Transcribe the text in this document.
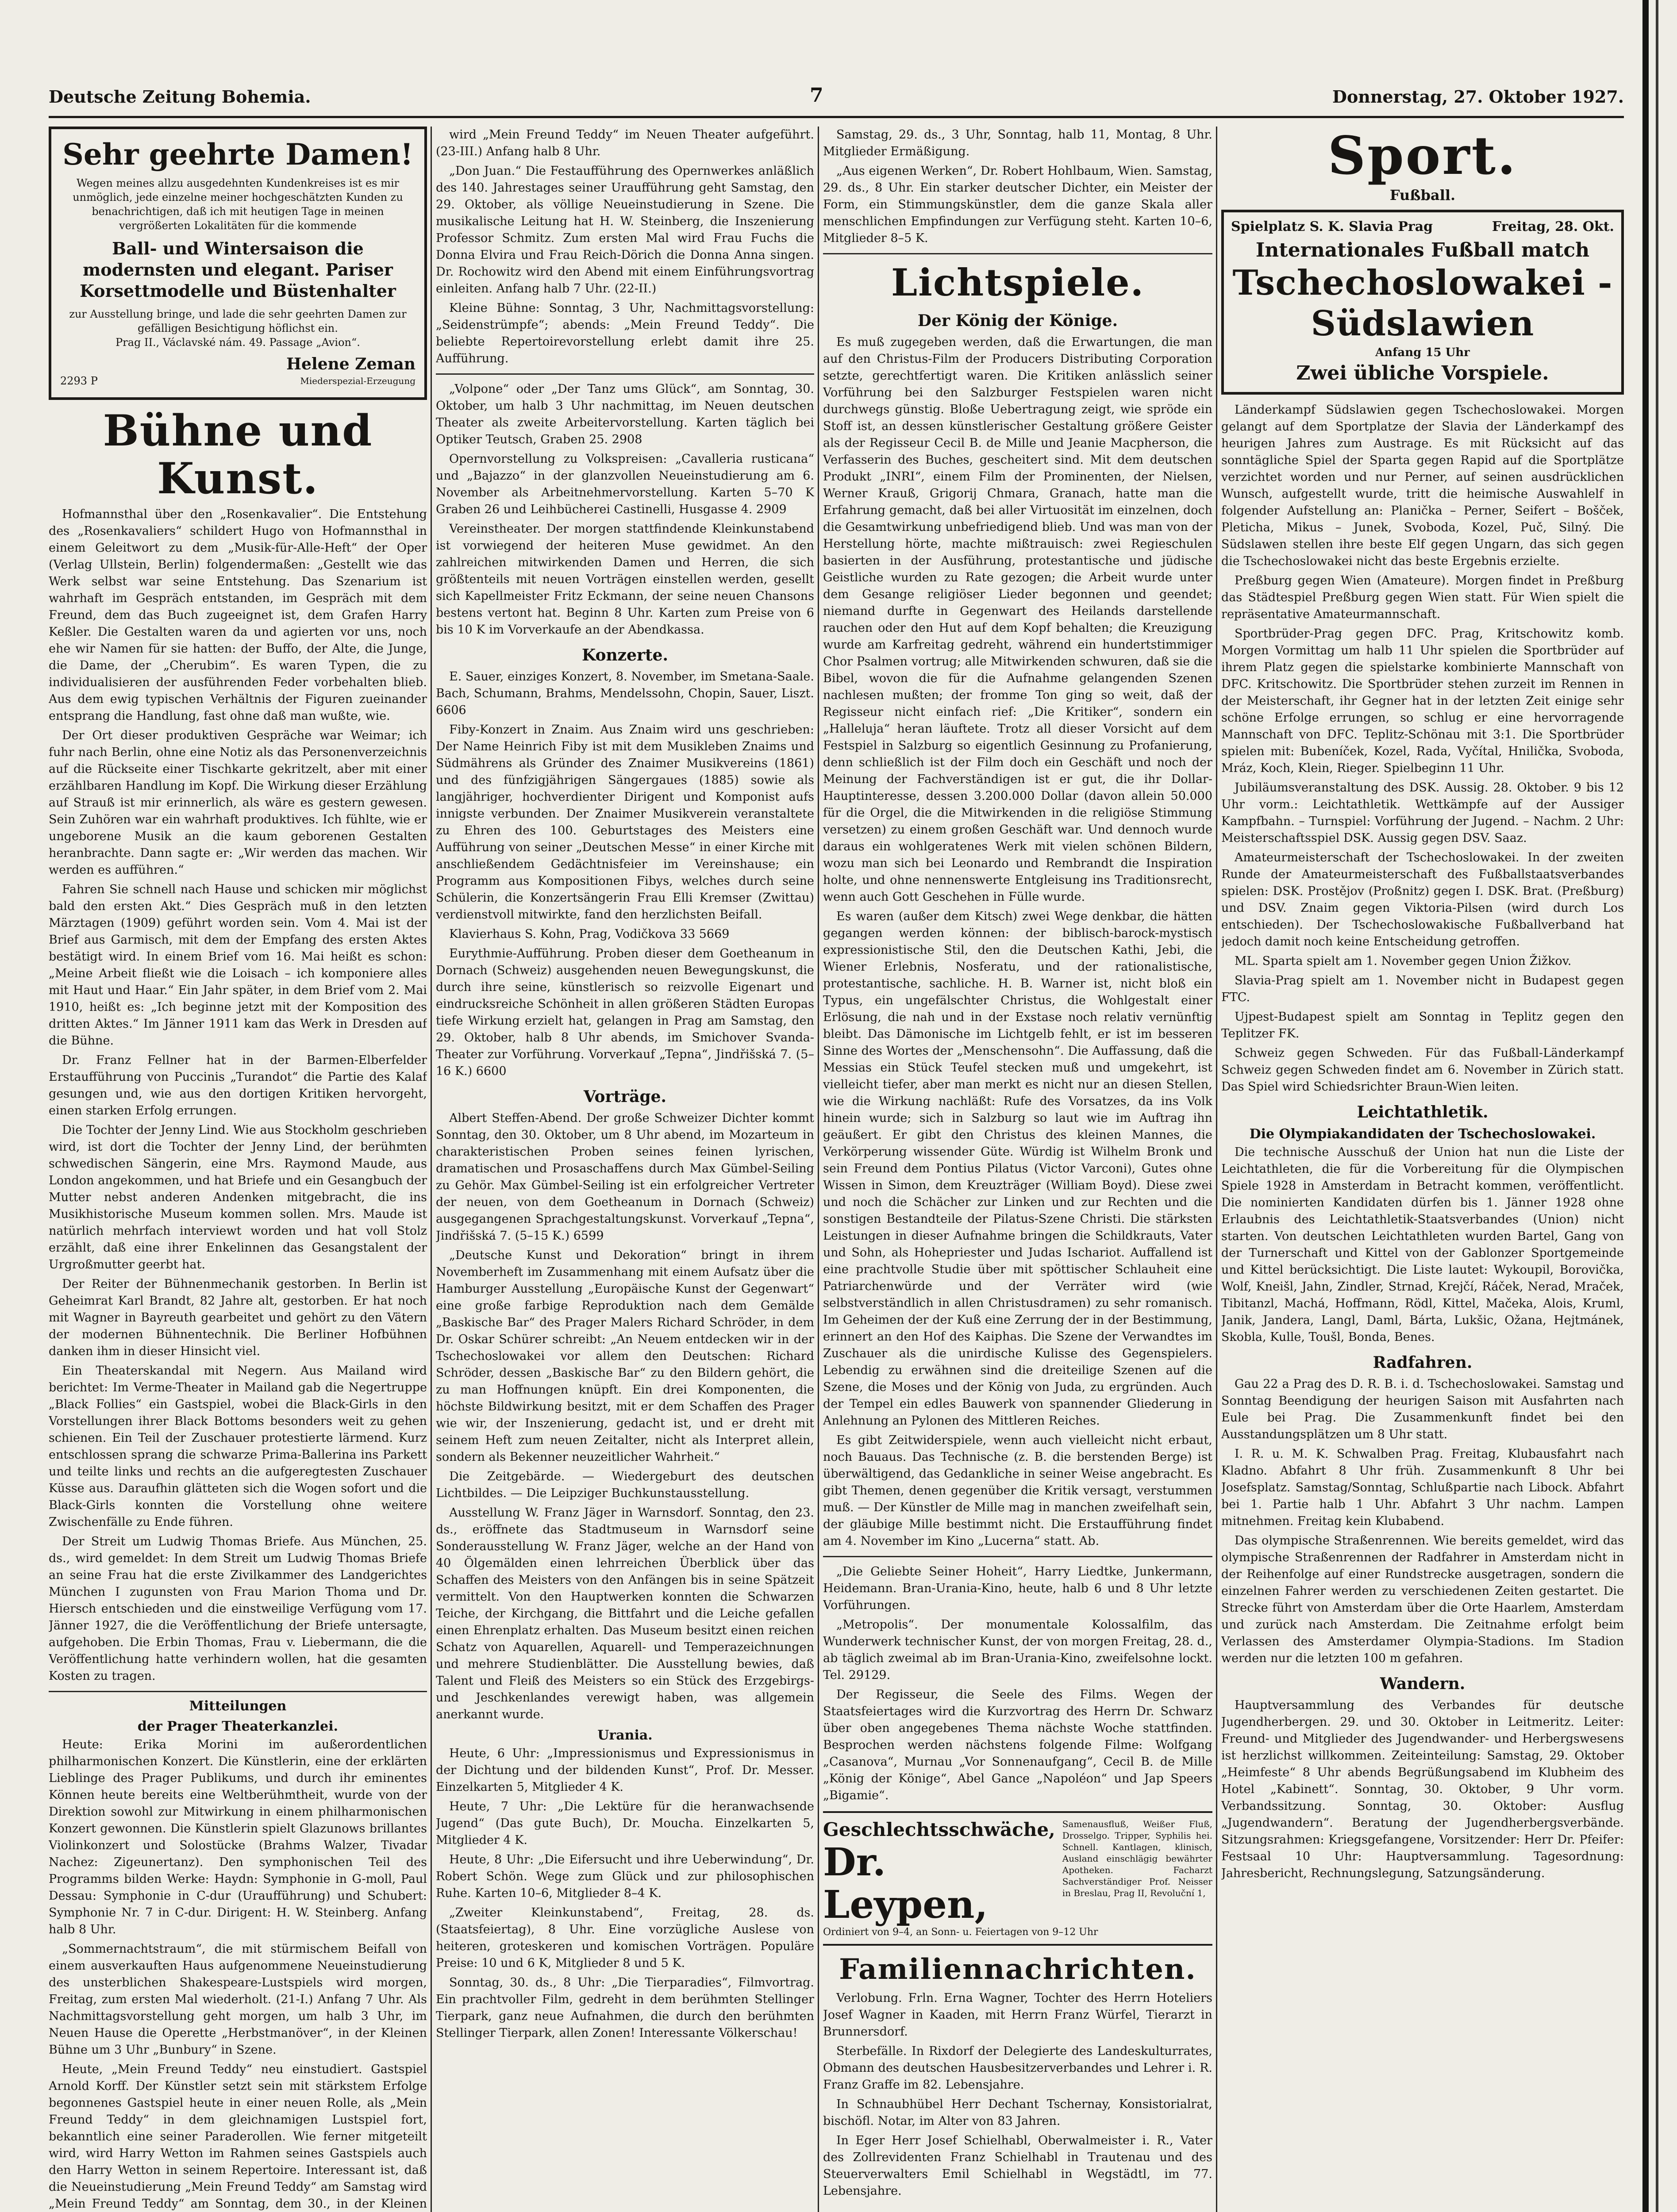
Deutsche Zeitung Bohemia.	7	Donnerstag, 27. Oktober 1927.
Sehr geehrte Damen!
Wegen meines allzu ausgedehnten Kundenkreises ist es mir unmöglich, jede einzelne meiner hochgeschätzten Kunden zu benachrichtigen, daß ich mit heutigen Tage in meinen vergrößerten Lokalitäten für die kommende
Ball- und Wintersaison die modernsten und elegant. Pariser Korsettmodelle und Büstenhalter
zur Ausstellung bringe, und lade die sehr geehrten Damen zur gefälligen Besichtigung höflichst ein.
Prag II., Václavské nám. 49. Passage „Avion“.
2293 P
Helene Zeman
Miederspezial-Erzeugung
Bühne und Kunst.

Hofmannsthal über den „Rosenkavalier“. Die Entstehung des „Rosenkavaliers“ schildert Hugo von Hofmannsthal in einem Geleitwort zu dem „Musik-für-Alle-Heft“ der Oper (Verlag Ullstein, Berlin) folgendermaßen: „Gestellt wie das Werk selbst war seine Entstehung. Das Szenarium ist wahrhaft im Gespräch entstanden, im Gespräch mit dem Freund, dem das Buch zugeeignet ist, dem Grafen Harry Keßler. Die Gestalten waren da und agierten vor uns, noch ehe wir Namen für sie hatten: der Buffo, der Alte, die Junge, die Dame, der „Cherubim“. Es waren Typen, die zu individualisieren der ausführenden Feder vorbehalten blieb. Aus dem ewig typischen Verhältnis der Figuren zueinander entsprang die Handlung, fast ohne daß man wußte, wie.

Der Ort dieser produktiven Gespräche war Weimar; ich fuhr nach Berlin, ohne eine Notiz als das Personenverzeichnis auf die Rückseite einer Tischkarte gekritzelt, aber mit einer erzählbaren Handlung im Kopf. Die Wirkung dieser Erzählung auf Strauß ist mir erinnerlich, als wäre es gestern gewesen. Sein Zuhören war ein wahrhaft produktives. Ich fühlte, wie er ungeborene Musik an die kaum geborenen Gestalten heranbrachte. Dann sagte er: „Wir werden das machen. Wir werden es aufführen.“

Fahren Sie schnell nach Hause und schicken mir möglichst bald den ersten Akt.“ Dies Gespräch muß in den letzten Märztagen (1909) geführt worden sein. Vom 4. Mai ist der Brief aus Garmisch, mit dem der Empfang des ersten Aktes bestätigt wird. In einem Brief vom 16. Mai heißt es schon: „Meine Arbeit fließt wie die Loisach – ich komponiere alles mit Haut und Haar.“ Ein Jahr später, in dem Brief vom 2. Mai 1910, heißt es: „Ich beginne jetzt mit der Komposition des dritten Aktes.“ Im Jänner 1911 kam das Werk in Dresden auf die Bühne.

Dr. Franz Fellner hat in der Barmen-Elberfelder Erstaufführung von Puccinis „Turandot“ die Partie des Kalaf gesungen und, wie aus den dortigen Kritiken hervorgeht, einen starken Erfolg errungen.

Die Tochter der Jenny Lind. Wie aus Stockholm geschrieben wird, ist dort die Tochter der Jenny Lind, der berühmten schwedischen Sängerin, eine Mrs. Raymond Maude, aus London angekommen, und hat Briefe und ein Gesangbuch der Mutter nebst anderen Andenken mitgebracht, die ins Musikhistorische Museum kommen sollen. Mrs. Maude ist natürlich mehrfach interviewt worden und hat voll Stolz erzählt, daß eine ihrer Enkelinnen das Gesangstalent der Urgroßmutter geerbt hat.

Der Reiter der Bühnenmechanik gestorben. In Berlin ist Geheimrat Karl Brandt, 82 Jahre alt, gestorben. Er hat noch mit Wagner in Bayreuth gearbeitet und gehört zu den Vätern der modernen Bühnentechnik. Die Berliner Hofbühnen danken ihm in dieser Hinsicht viel.

Ein Theaterskandal mit Negern. Aus Mailand wird berichtet: Im Verme-Theater in Mailand gab die Negertruppe „Black Follies“ ein Gastspiel, wobei die Black-Girls in den Vorstellungen ihrer Black Bottoms besonders weit zu gehen schienen. Ein Teil der Zuschauer protestierte lärmend. Kurz entschlossen sprang die schwarze Prima-Ballerina ins Parkett und teilte links und rechts an die aufgeregtesten Zuschauer Küsse aus. Daraufhin glätteten sich die Wogen sofort und die Black-Girls konnten die Vorstellung ohne weitere Zwischenfälle zu Ende führen.

Der Streit um Ludwig Thomas Briefe. Aus München, 25. ds., wird gemeldet: In dem Streit um Ludwig Thomas Briefe an seine Frau hat die erste Zivilkammer des Landgerichtes München I zugunsten von Frau Marion Thoma und Dr. Hiersch entschieden und die einstweilige Verfügung vom 17. Jänner 1927, die die Veröffentlichung der Briefe untersagte, aufgehoben. Die Erbin Thomas, Frau v. Liebermann, die die Veröffentlichung hatte verhindern wollen, hat die gesamten Kosten zu tragen.

Mitteilungen
der Prager Theaterkanzlei.

Heute: Erika Morini im außerordentlichen philharmonischen Konzert. Die Künstlerin, eine der erklärten Lieblinge des Prager Publikums, und durch ihr eminentes Können heute bereits eine Weltberühmtheit, wurde von der Direktion sowohl zur Mitwirkung in einem philharmonischen Konzert gewonnen. Die Künstlerin spielt Glazunows brillantes Violinkonzert und Solostücke (Brahms Walzer, Tivadar Nachez: Zigeunertanz). Den symphonischen Teil des Programms bilden Werke: Haydn: Symphonie in G-moll, Paul Dessau: Symphonie in C-dur (Uraufführung) und Schubert: Symphonie Nr. 7 in C-dur. Dirigent: H. W. Steinberg. Anfang halb 8 Uhr.

„Sommernachtstraum“, die mit stürmischem Beifall von einem ausverkauften Haus aufgenommene Neueinstudierung des unsterblichen Shakespeare-Lustspiels wird morgen, Freitag, zum ersten Mal wiederholt. (21-I.) Anfang 7 Uhr. Als Nachmittagsvorstellung geht morgen, um halb 3 Uhr, im Neuen Hause die Operette „Herbstmanöver“, in der Kleinen Bühne um 3 Uhr „Bunbury“ in Szene.

Heute, „Mein Freund Teddy“ neu einstudiert. Gastspiel Arnold Korff. Der Künstler setzt sein mit stärkstem Erfolge begonnenes Gastspiel heute in einer neuen Rolle, als „Mein Freund Teddy“ in dem gleichnamigen Lustspiel fort, bekanntlich eine seiner Paraderollen. Wie ferner mitgeteilt wird, wird Harry Wetton im Rahmen seines Gastspiels auch den Harry Wetton in seinem Repertoire. Interessant ist, daß die Neueinstudierung „Mein Freund Teddy“ am Samstag wird „Mein Freund Teddy“ am Sonntag, dem 30., in der Kleinen

wird „Mein Freund Teddy“ im Neuen Theater aufgeführt. (23-III.) Anfang halb 8 Uhr.

„Don Juan.“ Die Festaufführung des Opernwerkes anläßlich des 140. Jahrestages seiner Uraufführung geht Samstag, den 29. Oktober, als völlige Neueinstudierung in Szene. Die musikalische Leitung hat H. W. Steinberg, die Inszenierung Professor Schmitz. Zum ersten Mal wird Frau Fuchs die Donna Elvira und Frau Reich-Dörich die Donna Anna singen. Dr. Rochowitz wird den Abend mit einem Einführungsvortrag einleiten. Anfang halb 7 Uhr. (22-II.)

Kleine Bühne: Sonntag, 3 Uhr, Nachmittagsvorstellung: „Seidenstrümpfe“; abends: „Mein Freund Teddy“. Die beliebte Repertoirevorstellung erlebt damit ihre 25. Aufführung.

„Volpone“ oder „Der Tanz ums Glück“, am Sonntag, 30. Oktober, um halb 3 Uhr nachmittag, im Neuen deutschen Theater als zweite Arbeitervorstellung. Karten täglich bei Optiker Teutsch, Graben 25. 2908

Opernvorstellung zu Volkspreisen: „Cavalleria rusticana“ und „Bajazzo“ in der glanzvollen Neueinstudierung am 6. November als Arbeitnehmervorstellung. Karten 5–70 K Graben 26 und Leihbücherei Castinelli, Husgasse 4. 2909

Vereinstheater. Der morgen stattfindende Kleinkunstabend ist vorwiegend der heiteren Muse gewidmet. An den zahlreichen mitwirkenden Damen und Herren, die sich größtenteils mit neuen Vorträgen einstellen werden, gesellt sich Kapellmeister Fritz Eckmann, der seine neuen Chansons bestens vertont hat. Beginn 8 Uhr. Karten zum Preise von 6 bis 10 K im Vorverkaufe an der Abendkassa.

Konzerte.

E. Sauer, einziges Konzert, 8. November, im Smetana-Saale. Bach, Schumann, Brahms, Mendelssohn, Chopin, Sauer, Liszt. 6606

Fiby-Konzert in Znaim. Aus Znaim wird uns geschrieben: Der Name Heinrich Fiby ist mit dem Musikleben Znaims und Südmährens als Gründer des Znaimer Musikvereins (1861) und des fünfzigjährigen Sängergaues (1885) sowie als langjähriger, hochverdienter Dirigent und Komponist aufs innigste verbunden. Der Znaimer Musikverein veranstaltete zu Ehren des 100. Geburtstages des Meisters eine Aufführung von seiner „Deutschen Messe“ in einer Kirche mit anschließendem Gedächtnisfeier im Vereinshause; ein Programm aus Kompositionen Fibys, welches durch seine Schülerin, die Konzertsängerin Frau Elli Kremser (Zwittau) verdienstvoll mitwirkte, fand den herzlichsten Beifall.

Klavierhaus S. Kohn, Prag, Vodičkova 33 5669

Eurythmie-Aufführung. Proben dieser dem Goetheanum in Dornach (Schweiz) ausgehenden neuen Bewegungskunst, die durch ihre seine, künstlerisch so reizvolle Eigenart und eindrucksreiche Schönheit in allen größeren Städten Europas tiefe Wirkung erzielt hat, gelangen in Prag am Samstag, den 29. Oktober, halb 8 Uhr abends, im Smichover Svanda-Theater zur Vorführung. Vorverkauf „Tepna“, Jindřišská 7. (5–16 K.) 6600

Vorträge.

Albert Steffen-Abend. Der große Schweizer Dichter kommt Sonntag, den 30. Oktober, um 8 Uhr abend, im Mozarteum in charakteristischen Proben seines feinen lyrischen, dramatischen und Prosaschaffens durch Max Gümbel-Seiling zu Gehör. Max Gümbel-Seiling ist ein erfolgreicher Vertreter der neuen, von dem Goetheanum in Dornach (Schweiz) ausgegangenen Sprachgestaltungskunst. Vorverkauf „Tepna“, Jindřišská 7. (5–15 K.) 6599

„Deutsche Kunst und Dekoration“ bringt in ihrem Novemberheft im Zusammenhang mit einem Aufsatz über die Hamburger Ausstellung „Europäische Kunst der Gegenwart“ eine große farbige Reproduktion nach dem Gemälde „Baskische Bar“ des Prager Malers Richard Schröder, in dem Dr. Oskar Schürer schreibt: „An Neuem entdecken wir in der Tschechoslowakei vor allem den Deutschen: Richard Schröder, dessen „Baskische Bar“ zu den Bildern gehört, die zu man Hoffnungen knüpft. Ein drei Komponenten, die höchste Bildwirkung besitzt, mit er dem Schaffen des Prager wie wir, der Inszenierung, gedacht ist, und er dreht mit seinem Heft zum neuen Zeitalter, nicht als Interpret allein, sondern als Bekenner neuzeitlicher Wahrheit.“

Die Zeitgebärde. — Wiedergeburt des deutschen Lichtbildes. — Die Leipziger Buchkunstausstellung.

Ausstellung W. Franz Jäger in Warnsdorf. Sonntag, den 23. ds., eröffnete das Stadtmuseum in Warnsdorf seine Sonderausstellung W. Franz Jäger, welche an der Hand von 40 Ölgemälden einen lehrreichen Überblick über das Schaffen des Meisters von den Anfängen bis in seine Spätzeit vermittelt. Von den Hauptwerken konnten die Schwarzen Teiche, der Kirchgang, die Bittfahrt und die Leiche gefallen einen Ehrenplatz erhalten. Das Museum besitzt einen reichen Schatz von Aquarellen, Aquarell- und Temperazeichnungen und mehrere Studienblätter. Die Ausstellung bewies, daß Talent und Fleiß des Meisters so ein Stück des Erzgebirgs- und Jeschkenlandes verewigt haben, was allgemein anerkannt wurde.

Urania.

Heute, 6 Uhr: „Impressionismus und Expressionismus in der Dichtung und der bildenden Kunst“, Prof. Dr. Messer. Einzelkarten 5, Mitglieder 4 K.

Heute, 7 Uhr: „Die Lektüre für die heranwachsende Jugend“ (Das gute Buch), Dr. Moucha. Einzelkarten 5, Mitglieder 4 K.

Heute, 8 Uhr: „Die Eifersucht und ihre Ueberwindung“, Dr. Robert Schön. Wege zum Glück und zur philosophischen Ruhe. Karten 10–6, Mitglieder 8–4 K.

„Zweiter Kleinkunstabend“, Freitag, 28. ds. (Staatsfeiertag), 8 Uhr. Eine vorzügliche Auslese von heiteren, groteskeren und komischen Vorträgen. Populäre Preise: 10 und 6 K, Mitglieder 8 und 5 K.

Sonntag, 30. ds., 8 Uhr: „Die Tierparadies“, Filmvortrag. Ein prachtvoller Film, gedreht in dem berühmten Stellinger Tierpark, ganz neue Aufnahmen, die durch den berühmten Stellinger Tierpark, allen Zonen! Interessante Völkerschau!

Samstag, 29. ds., 3 Uhr, Sonntag, halb 11, Montag, 8 Uhr. Mitglieder Ermäßigung.

„Aus eigenen Werken“, Dr. Robert Hohlbaum, Wien. Samstag, 29. ds., 8 Uhr. Ein starker deutscher Dichter, ein Meister der Form, ein Stimmungskünstler, dem die ganze Skala aller menschlichen Empfindungen zur Verfügung steht. Karten 10–6, Mitglieder 8–5 K.

Lichtspiele.
Der König der Könige.

Es muß zugegeben werden, daß die Erwartungen, die man auf den Christus-Film der Producers Distributing Corporation setzte, gerechtfertigt waren. Die Kritiken anlässlich seiner Vorführung bei den Salzburger Festspielen waren nicht durchwegs günstig. Bloße Uebertragung zeigt, wie spröde ein Stoff ist, an dessen künstlerischer Gestaltung größere Geister als der Regisseur Cecil B. de Mille und Jeanie Macpherson, die Verfasserin des Buches, gescheitert sind. Mit dem deutschen Produkt „INRI“, einem Film der Prominenten, der Nielsen, Werner Krauß, Grigorij Chmara, Granach, hatte man die Erfahrung gemacht, daß bei aller Virtuosität im einzelnen, doch die Gesamtwirkung unbefriedigend blieb. Und was man von der Herstellung hörte, machte mißtrauisch: zwei Regieschulen basierten in der Ausführung, protestantische und jüdische Geistliche wurden zu Rate gezogen; die Arbeit wurde unter dem Gesange religiöser Lieder begonnen und geendet; niemand durfte in Gegenwart des Heilands darstellende rauchen oder den Hut auf dem Kopf behalten; die Kreuzigung wurde am Karfreitag gedreht, während ein hundertstimmiger Chor Psalmen vortrug; alle Mitwirkenden schwuren, daß sie die Bibel, wovon die für die Aufnahme gelangenden Szenen nachlesen mußten; der fromme Ton ging so weit, daß der Regisseur nicht einfach rief: „Die Kritiker“, sondern ein „Halleluja“ heran läuftete. Trotz all dieser Vorsicht auf dem Festspiel in Salzburg so eigentlich Gesinnung zu Profanierung, denn schließlich ist der Film doch ein Geschäft und noch der Meinung der Fachverständigen ist er gut, die ihr Dollar-Hauptinteresse, dessen 3.200.000 Dollar (davon allein 50.000 für die Orgel, die die Mitwirkenden in die religiöse Stimmung versetzen) zu einem großen Geschäft war. Und dennoch wurde daraus ein wohlgeratenes Werk mit vielen schönen Bildern, wozu man sich bei Leonardo und Rembrandt die Inspiration holte, und ohne nennenswerte Entgleisung ins Traditionsrecht, wenn auch Gott Geschehen in Fülle wurde.

Es waren (außer dem Kitsch) zwei Wege denkbar, die hätten gegangen werden können: der biblisch-barock-mystisch expressionistische Stil, den die Deutschen Kathi, Jebi, die Wiener Erlebnis, Nosferatu, und der rationalistische, protestantische, sachliche. H. B. Warner ist, nicht bloß ein Typus, ein ungefälschter Christus, die Wohlgestalt einer Erlösung, die nah und in der Exstase noch relativ vernünftig bleibt. Das Dämonische im Lichtgelb fehlt, er ist im besseren Sinne des Wortes der „Menschensohn“. Die Auffassung, daß die Messias ein Stück Teufel stecken muß und umgekehrt, ist vielleicht tiefer, aber man merkt es nicht nur an diesen Stellen, wie die Wirkung nachläßt: Rufe des Vorsatzes, da ins Volk hinein wurde; sich in Salzburg so laut wie im Auftrag ihn geäußert. Er gibt den Christus des kleinen Mannes, die Verkörperung wissender Güte. Würdig ist Wilhelm Bronk und sein Freund dem Pontius Pilatus (Victor Varconi), Gutes ohne Wissen in Simon, dem Kreuzträger (William Boyd). Diese zwei und noch die Schächer zur Linken und zur Rechten und die sonstigen Bestandteile der Pilatus-Szene Christi. Die stärksten Leistungen in dieser Aufnahme bringen die Schildkrauts, Vater und Sohn, als Hohepriester und Judas Ischariot. Auffallend ist eine prachtvolle Studie über mit spöttischer Schlauheit eine Patriarchenwürde und der Verräter wird (wie selbstverständlich in allen Christusdramen) zu sehr romanisch. Im Geheimen der der Kuß eine Zerrung der in der Bestimmung, erinnert an den Hof des Kaiphas. Die Szene der Verwandtes im Zuschauer als die unirdische Kulisse des Gegenspielers. Lebendig zu erwähnen sind die dreiteilige Szenen auf die Szene, die Moses und der König von Juda, zu ergründen. Auch der Tempel ein edles Bauwerk von spannender Gliederung in Anlehnung an Pylonen des Mittleren Reiches.

Es gibt Zeitwiderspiele, wenn auch vielleicht nicht erbaut, noch Bauaus. Das Technische (z. B. die berstenden Berge) ist überwältigend, das Gedankliche in seiner Weise angebracht. Es gibt Themen, denen gegenüber die Kritik versagt, verstummen muß. — Der Künstler de Mille mag in manchen zweifelhaft sein, der gläubige Mille bestimmt nicht. Die Erstaufführung findet am 4. November im Kino „Lucerna“ statt. Ab.

„Die Geliebte Seiner Hoheit“, Harry Liedtke, Junkermann, Heidemann. Bran-Urania-Kino, heute, halb 6 und 8 Uhr letzte Vorführungen.

„Metropolis“. Der monumentale Kolossalfilm, das Wunderwerk technischer Kunst, der von morgen Freitag, 28. d., ab täglich zweimal ab im Bran-Urania-Kino, zweifelsohne lockt. Tel. 29129.

Der Regisseur, die Seele des Films. Wegen der Staatsfeiertages wird die Kurzvortrag des Herrn Dr. Schwarz über oben angegebenes Thema nächste Woche stattfinden. Besprochen werden nächstens folgende Filme: Wolfgang „Casanova“, Murnau „Vor Sonnenaufgang“, Cecil B. de Mille „König der Könige“, Abel Gance „Napoléon“ und Jap Speers „Bigamie“.

Geschlechtsschwäche,
Dr. Leypen,
Samenausfluß, Weißer Fluß, Drosselgo. Tripper, Syphilis hei. Schnell. Kantlagen, klinisch, Ausland einschlägig bewährter Apotheken. Facharzt Sachverständiger Prof. Neisser in Breslau, Prag II, Revoluční 1,
Ordiniert von 9–4, an Sonn- u. Feiertagen von 9–12 Uhr
Familiennachrichten.

Verlobung. Frln. Erna Wagner, Tochter des Herrn Hoteliers Josef Wagner in Kaaden, mit Herrn Franz Würfel, Tierarzt in Brunnersdorf.

Sterbefälle. In Rixdorf der Delegierte des Landeskulturrates, Obmann des deutschen Hausbesitzerverbandes und Lehrer i. R. Franz Graffe im 82. Lebensjahre.

In Schnaubhübel Herr Dechant Tschernay, Konsistorialrat, bischöfl. Notar, im Alter von 83 Jahren.

In Eger Herr Josef Schielhabl, Oberwalmeister i. R., Vater des Zollrevidenten Franz Schielhabl in Trautenau und des Steuerverwalters Emil Schielhabl in Wegstädtl, im 77. Lebensjahre.

Sport.
Fußball.
Spielplatz S. K. Slavia Prag	Freitag, 28. Okt.
Internationales Fußball match
Tschechoslowakei - Südslawien
Anfang 15 Uhr
Zwei übliche Vorspiele.

Länderkampf Südslawien gegen Tschechoslowakei. Morgen gelangt auf dem Sportplatze der Slavia der Länderkampf des heurigen Jahres zum Austrage. Es mit Rücksicht auf das sonntägliche Spiel der Sparta gegen Rapid auf die Sportplätze verzichtet worden und nur Perner, auf seinen ausdrücklichen Wunsch, aufgestellt wurde, tritt die heimische Auswahlelf in folgender Aufstellung an: Planička – Perner, Seifert – Bošček, Pleticha, Mikus – Junek, Svoboda, Kozel, Puč, Silný. Die Südslawen stellen ihre beste Elf gegen Ungarn, das sich gegen die Tschechoslowakei nicht das beste Ergebnis erzielte.

Preßburg gegen Wien (Amateure). Morgen findet in Preßburg das Städtespiel Preßburg gegen Wien statt. Für Wien spielt die repräsentative Amateurmannschaft.

Sportbrüder-Prag gegen DFC. Prag, Kritschowitz komb. Morgen Vormittag um halb 11 Uhr spielen die Sportbrüder auf ihrem Platz gegen die spielstarke kombinierte Mannschaft von DFC. Kritschowitz. Die Sportbrüder stehen zurzeit im Rennen in der Meisterschaft, ihr Gegner hat in der letzten Zeit einige sehr schöne Erfolge errungen, so schlug er eine hervorragende Mannschaft von DFC. Teplitz-Schönau mit 3:1. Die Sportbrüder spielen mit: Bubeníček, Kozel, Rada, Vyčítal, Hnilička, Svoboda, Mráz, Koch, Klein, Rieger. Spielbeginn 11 Uhr.

Jubiläumsveranstaltung des DSK. Aussig. 28. Oktober. 9 bis 12 Uhr vorm.: Leichtathletik. Wettkämpfe auf der Aussiger Kampfbahn. – Turnspiel: Vorführung der Jugend. – Nachm. 2 Uhr: Meisterschaftsspiel DSK. Aussig gegen DSV. Saaz.

Amateurmeisterschaft der Tschechoslowakei. In der zweiten Runde der Amateurmeisterschaft des Fußballstaatsverbandes spielen: DSK. Prostějov (Proßnitz) gegen I. DSK. Brat. (Preßburg) und DSV. Znaim gegen Viktoria-Pilsen (wird durch Los entschieden). Der Tschechoslowakische Fußballverband hat jedoch damit noch keine Entscheidung getroffen.

ML. Sparta spielt am 1. November gegen Union Žižkov.

Slavia-Prag spielt am 1. November nicht in Budapest gegen FTC.

Ujpest-Budapest spielt am Sonntag in Teplitz gegen den Teplitzer FK.

Schweiz gegen Schweden. Für das Fußball-Länderkampf Schweiz gegen Schweden findet am 6. November in Zürich statt. Das Spiel wird Schiedsrichter Braun-Wien leiten.

Leichtathletik.
Die Olympiakandidaten der Tschechoslowakei.

Die technische Ausschuß der Union hat nun die Liste der Leichtathleten, die für die Vorbereitung für die Olympischen Spiele 1928 in Amsterdam in Betracht kommen, veröffentlicht. Die nominierten Kandidaten dürfen bis 1. Jänner 1928 ohne Erlaubnis des Leichtathletik-Staatsverbandes (Union) nicht starten. Von deutschen Leichtathleten wurden Bartel, Gang von der Turnerschaft und Kittel von der Gablonzer Sportgemeinde und Kittel berücksichtigt. Die Liste lautet: Wykoupil, Borovička, Wolf, Kneišl, Jahn, Zindler, Strnad, Krejčí, Ráček, Nerad, Mraček, Tibitanzl, Machá, Hoffmann, Rödl, Kittel, Mačeka, Alois, Kruml, Janik, Jandera, Langl, Daml, Bárta, Lukšic, Ožana, Hejtmánek, Skobla, Kulle, Toušl, Bonda, Benes.

Radfahren.

Gau 22 a Prag des D. R. B. i. d. Tschechoslowakei. Samstag und Sonntag Beendigung der heurigen Saison mit Ausfahrten nach Eule bei Prag. Die Zusammenkunft findet bei den Ausstandungsplätzen um 8 Uhr statt.

I. R. u. M. K. Schwalben Prag. Freitag, Klubausfahrt nach Kladno. Abfahrt 8 Uhr früh. Zusammenkunft 8 Uhr bei Josefsplatz. Samstag/Sonntag, Schlußpartie nach Libock. Abfahrt bei 1. Partie halb 1 Uhr. Abfahrt 3 Uhr nachm. Lampen mitnehmen. Freitag kein Klubabend.

Das olympische Straßenrennen. Wie bereits gemeldet, wird das olympische Straßenrennen der Radfahrer in Amsterdam nicht in der Reihenfolge auf einer Rundstrecke ausgetragen, sondern die einzelnen Fahrer werden zu verschiedenen Zeiten gestartet. Die Strecke führt von Amsterdam über die Orte Haarlem, Amsterdam und zurück nach Amsterdam. Die Zeitnahme erfolgt beim Verlassen des Amsterdamer Olympia-Stadions. Im Stadion werden nur die letzten 100 m gefahren.

Wandern.

Hauptversammlung des Verbandes für deutsche Jugendherbergen. 29. und 30. Oktober in Leitmeritz. Leiter: Freund- und Mitglieder des Jugendwander- und Herbergswesens ist herzlichst willkommen. Zeiteinteilung: Samstag, 29. Oktober „Heimfeste“ 8 Uhr abends Begrüßungsabend im Klubheim des Hotel „Kabinett“. Sonntag, 30. Oktober, 9 Uhr vorm. Verbandssitzung. Sonntag, 30. Oktober: Ausflug „Jugendwandern“. Beratung der Jugendherbergsverbände. Sitzungsrahmen: Kriegsgefangene, Vorsitzender: Herr Dr. Pfeifer: Festsaal 10 Uhr: Hauptversammlung. Tagesordnung: Jahresbericht, Rechnungslegung, Satzungsänderung.
